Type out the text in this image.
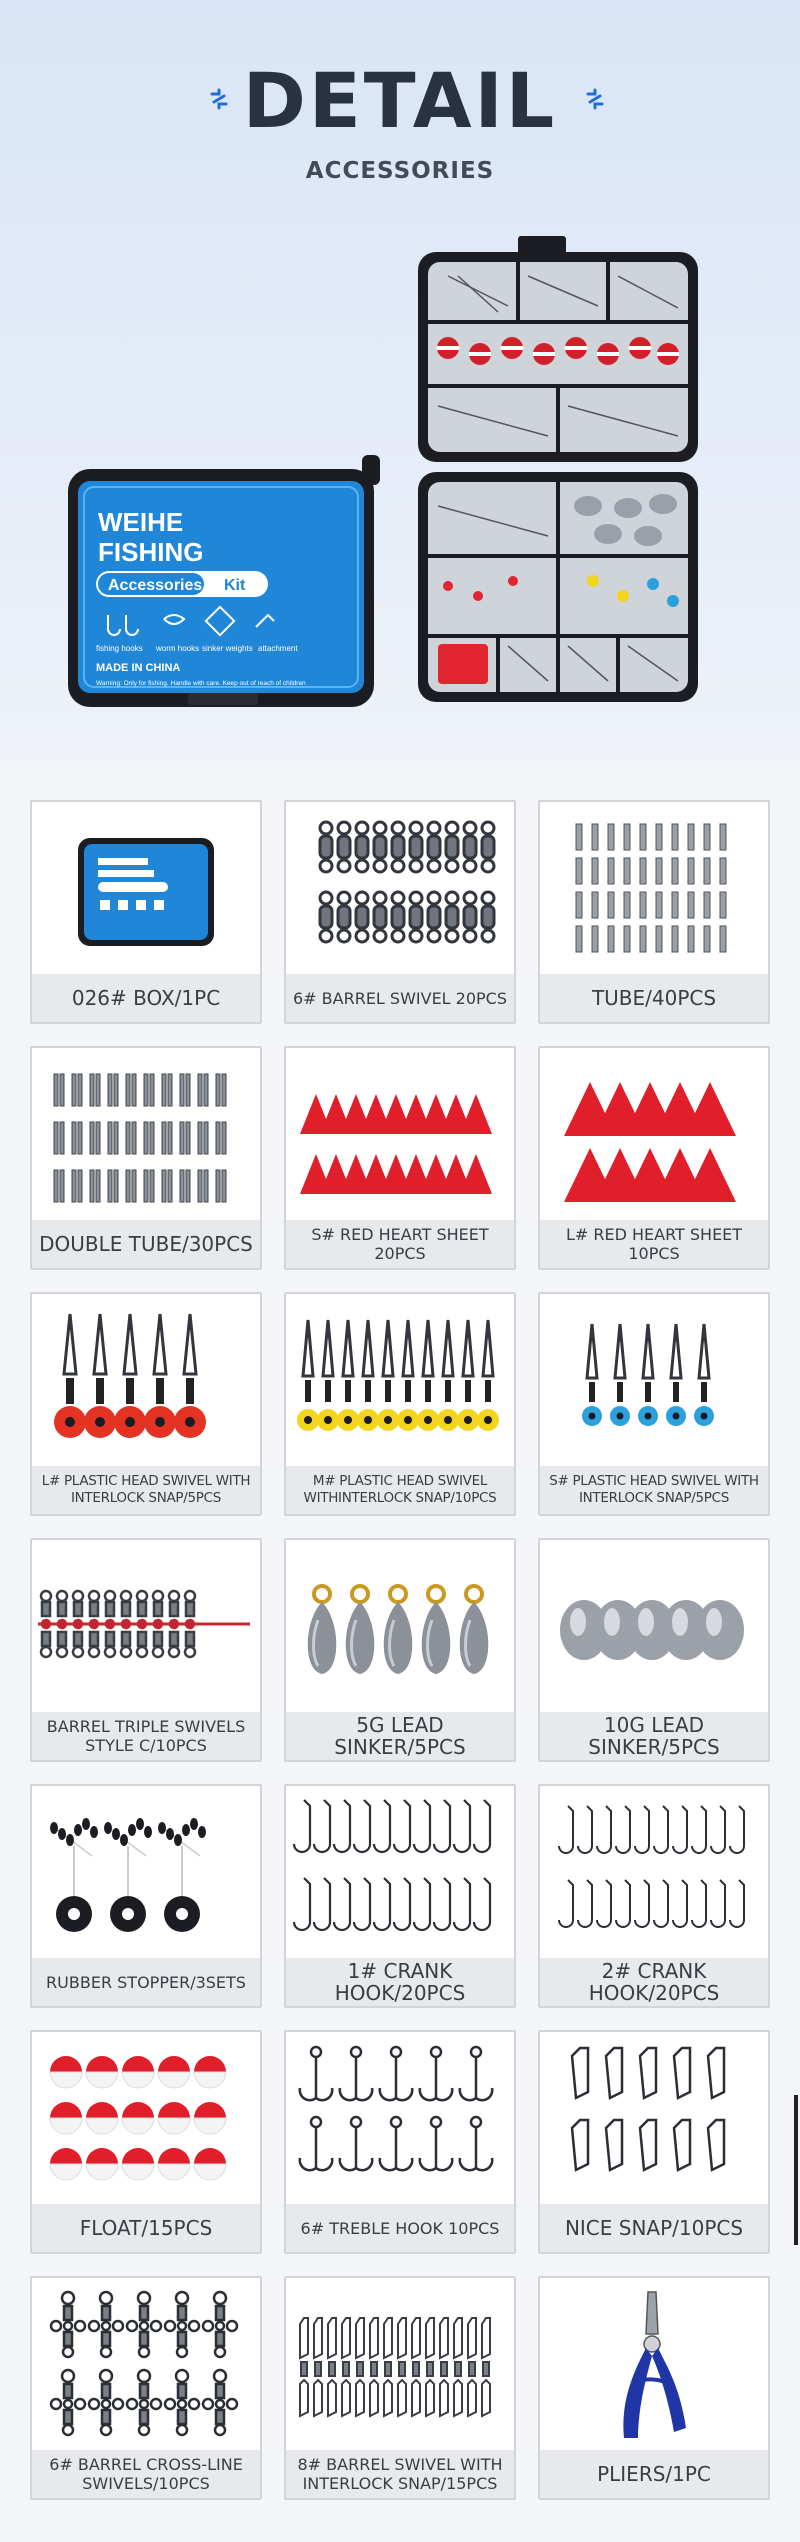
DETAIL
ACCESSORIES
WEIHE
FISHING
Accessories Kit
fishing hooks worm hooks sinker weights attachment
MADE IN CHINA
Warning: Only for fishing. Handle with care. Keep out of reach of children
026# BOX/1PC	6# BARREL SWIVEL 20PCS	TUBE/40PCS
DOUBLE TUBE/30PCS	S# RED HEART SHEET 20PCS
L# RED HEART SHEET 10PCS
L# PLASTIC HEAD SWIVEL WITH INTERLOCK SNAP/5PCS
M# PLASTIC HEAD SWIVEL WITHINTERLOCK SNAP/10PCS
S# PLASTIC HEAD SWIVEL WITH INTERLOCK SNAP/5PCS
BARREL TRIPLE SWIVELS STYLE C/10PCS
5G LEAD SINKER/5PCS
10G LEAD SINKER/5PCS
RUBBER STOPPER/3SETS	1# CRANK HOOK/20PCS
2# CRANK HOOK/20PCS
FLOAT/15PCS	6# TREBLE HOOK 10PCS	NICE SNAP/10PCS
6# BARREL CROSS-LINE SWIVELS/10PCS
8# BARREL SWIVEL WITH INTERLOCK SNAP/15PCS	PLIERS/1PC
